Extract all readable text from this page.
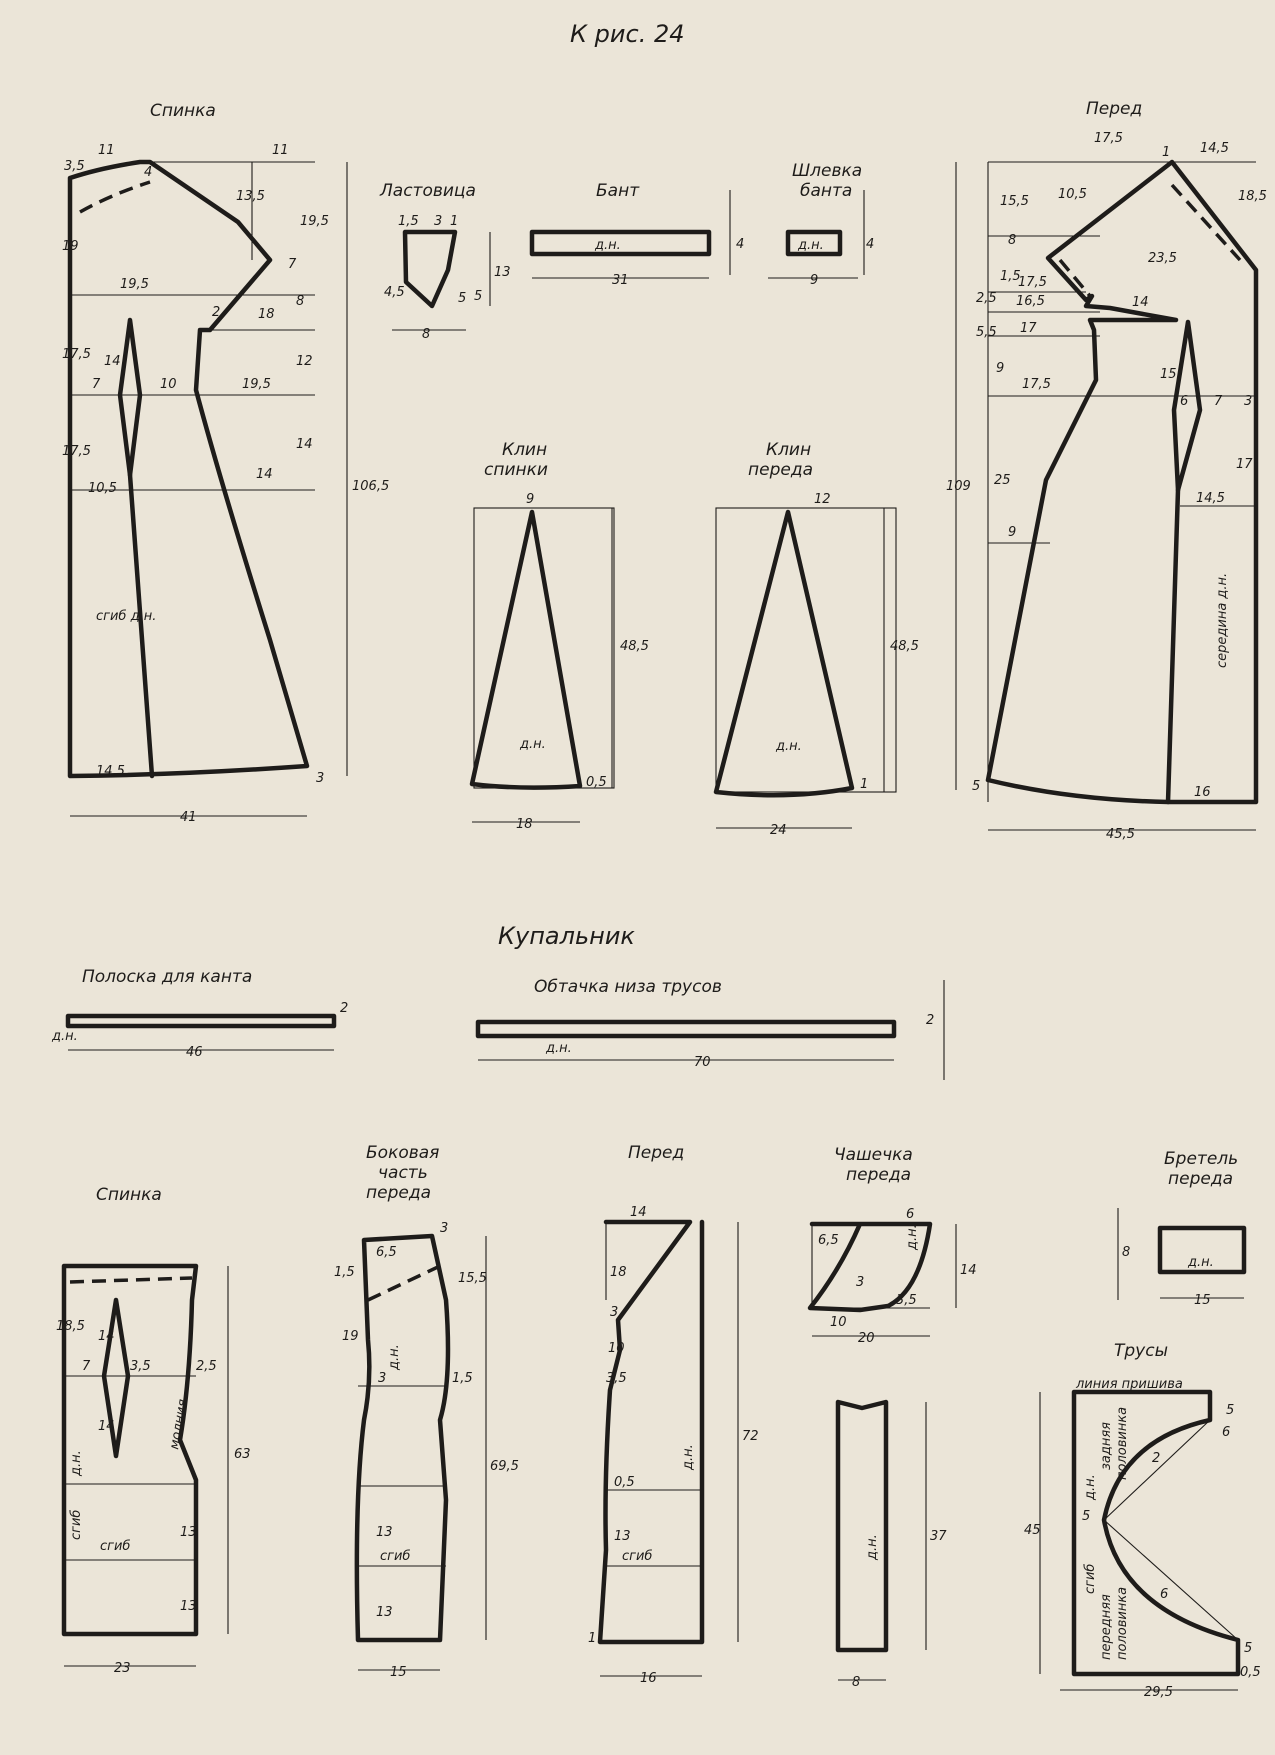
К рис. 24
Спинка
3,5
11	11
4
13,5
19,5
19
7
19,5
2	18
8
17,5 14
7	10	19,5
12
17,5
10,5
14
14
106,5
14,5	3
41
сгиб д.н.
Ластовица
1,5 3 1
4,5
13
5 5
8
Бант
д.н.	4
31
Шлевка
банта
д.н.	4
9
Клин
спинки
9
48,5
0,5
18
д.н.
Клин
переда
12
48,5
1
24
д.н.
Перед
17,5
1 14,5
15,5 10,5	18,5
8
23,5
1,5
17,5
2,5 16,5	14
5,5 17
15
9
17,5
6 7 3
109 25
17
14,5
9
5	16
45,5
середина д.н.
Купальник
Полоска для канта
2
46
д.н.
Обтачка низа трусов
2
70
д.н.
Спинка
18,5
14
7	3,5	2,5
14
63
13
13
23
молния
д.н.
сгиб
сгиб
Боковая
часть
переда
3
6,5
1,5	15,5
19
3	1,5
69,5
13
13
15
д.н.
сгиб
Перед
14
18
3
10
3,5
0,5
72
13
1
16
д.н.
сгиб
Чашечка
переда
6
6,5
3
14
3,5
10
20
д.н.
37
8
д.н.
Бретель
переда
8
15
д.н.
Трусы
линия пришива
5
6
2
45
5
6
5
0,5
29,5
задняя половинка
д.н.
сгиб
передняя половинка
